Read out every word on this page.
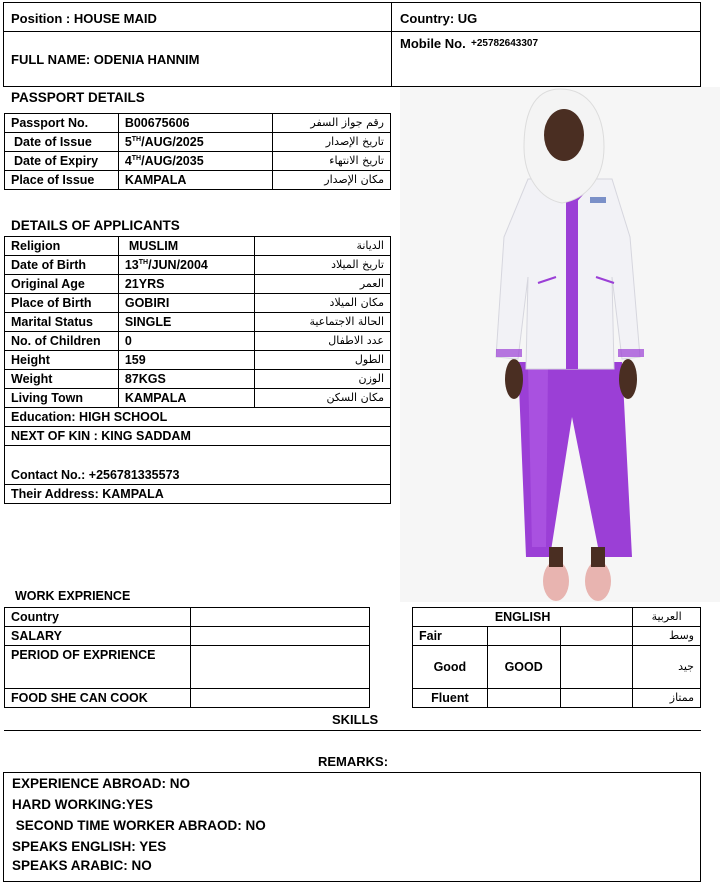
Position : HOUSE MAID	Country: UG
FULL NAME: ODENIA HANNIM
Mobile No. +25782643307
PASSPORT DETAILS
Passport No.	B00675606	رقم جواز السفر
Date of Issue	5TH/AUG/2025	تاريخ الإصدار
Date of Expiry	4TH/AUG/2035	تاريخ الانتهاء
Place of Issue	KAMPALA	مكان الإصدار
DETAILS OF APPLICANTS
Religion	MUSLIM	الديانة
Date of Birth	13TH/JUN/2004	تاريخ الميلاد
Original Age	21YRS	العمر
Place of Birth	GOBIRI	مكان الميلاد
Marital Status	SINGLE	الحالة الاجتماعية
No. of Children	0	عدد الاطفال
Height	159	الطول
Weight	87KGS	الوزن
Living Town	KAMPALA	مكان السكن
Education: HIGH SCHOOL		
NEXT OF KIN : KING SADDAM		
Contact No.: +256781335573		
Their Address: KAMPALA		
WORK EXPRIENCE
Country	
SALARY	
PERIOD OF EXPRIENCE	
FOOD SHE CAN COOK	
ENGLISH			العربية
Fair			وسط
Good	GOOD		جيد
Fluent			ممتاز
SKILLS
REMARKS:
EXPERIENCE ABROAD: NO
HARD WORKING:YES
SECOND TIME WORKER ABRAOD: NO
SPEAKS ENGLISH: YES
SPEAKS ARABIC: NO
